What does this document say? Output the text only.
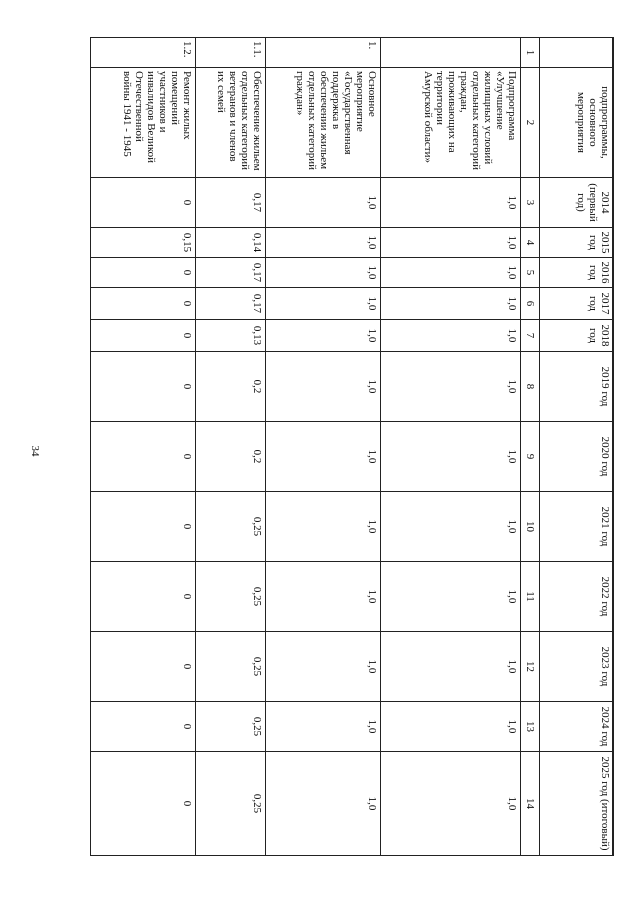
34
	подпрограммы, основного мероприятия	2014 (первый год)	2015 год	2016 год	2017 год	2018 год	2019 год	2020 год	2021 год	2022 год	2023 год	2024 год	2025 год (итоговый)
1	2	3	4	5	6	7	8	9	10	11	12	13	14
	Подпрограмма «Улучшение жилищных условий отдельных категорий граждан, проживающих на территории Амурской области»	1,0	1,0	1,0	1,0	1,0	1,0	1,0	1,0	1,0	1,0	1,0	1,0
1.	Основное мероприятие «Государственная поддержка в обеспечении жильем отдельных категорий граждан»	1,0	1,0	1,0	1,0	1,0	1,0	1,0	1,0	1,0	1,0	1,0	1,0
1.1.	Обеспечение жильем отдельных категорий ветеранов и членов их семей	0,17	0,14	0,17	0,17	0,13	0,2	0,2	0,25	0,25	0,25	0,25	0,25
1.2.	Ремонт жилых помещений участников и инвалидов Великой Отечественной войны 1941 - 1945	0	0,15	0	0	0	0	0	0	0	0	0	0
